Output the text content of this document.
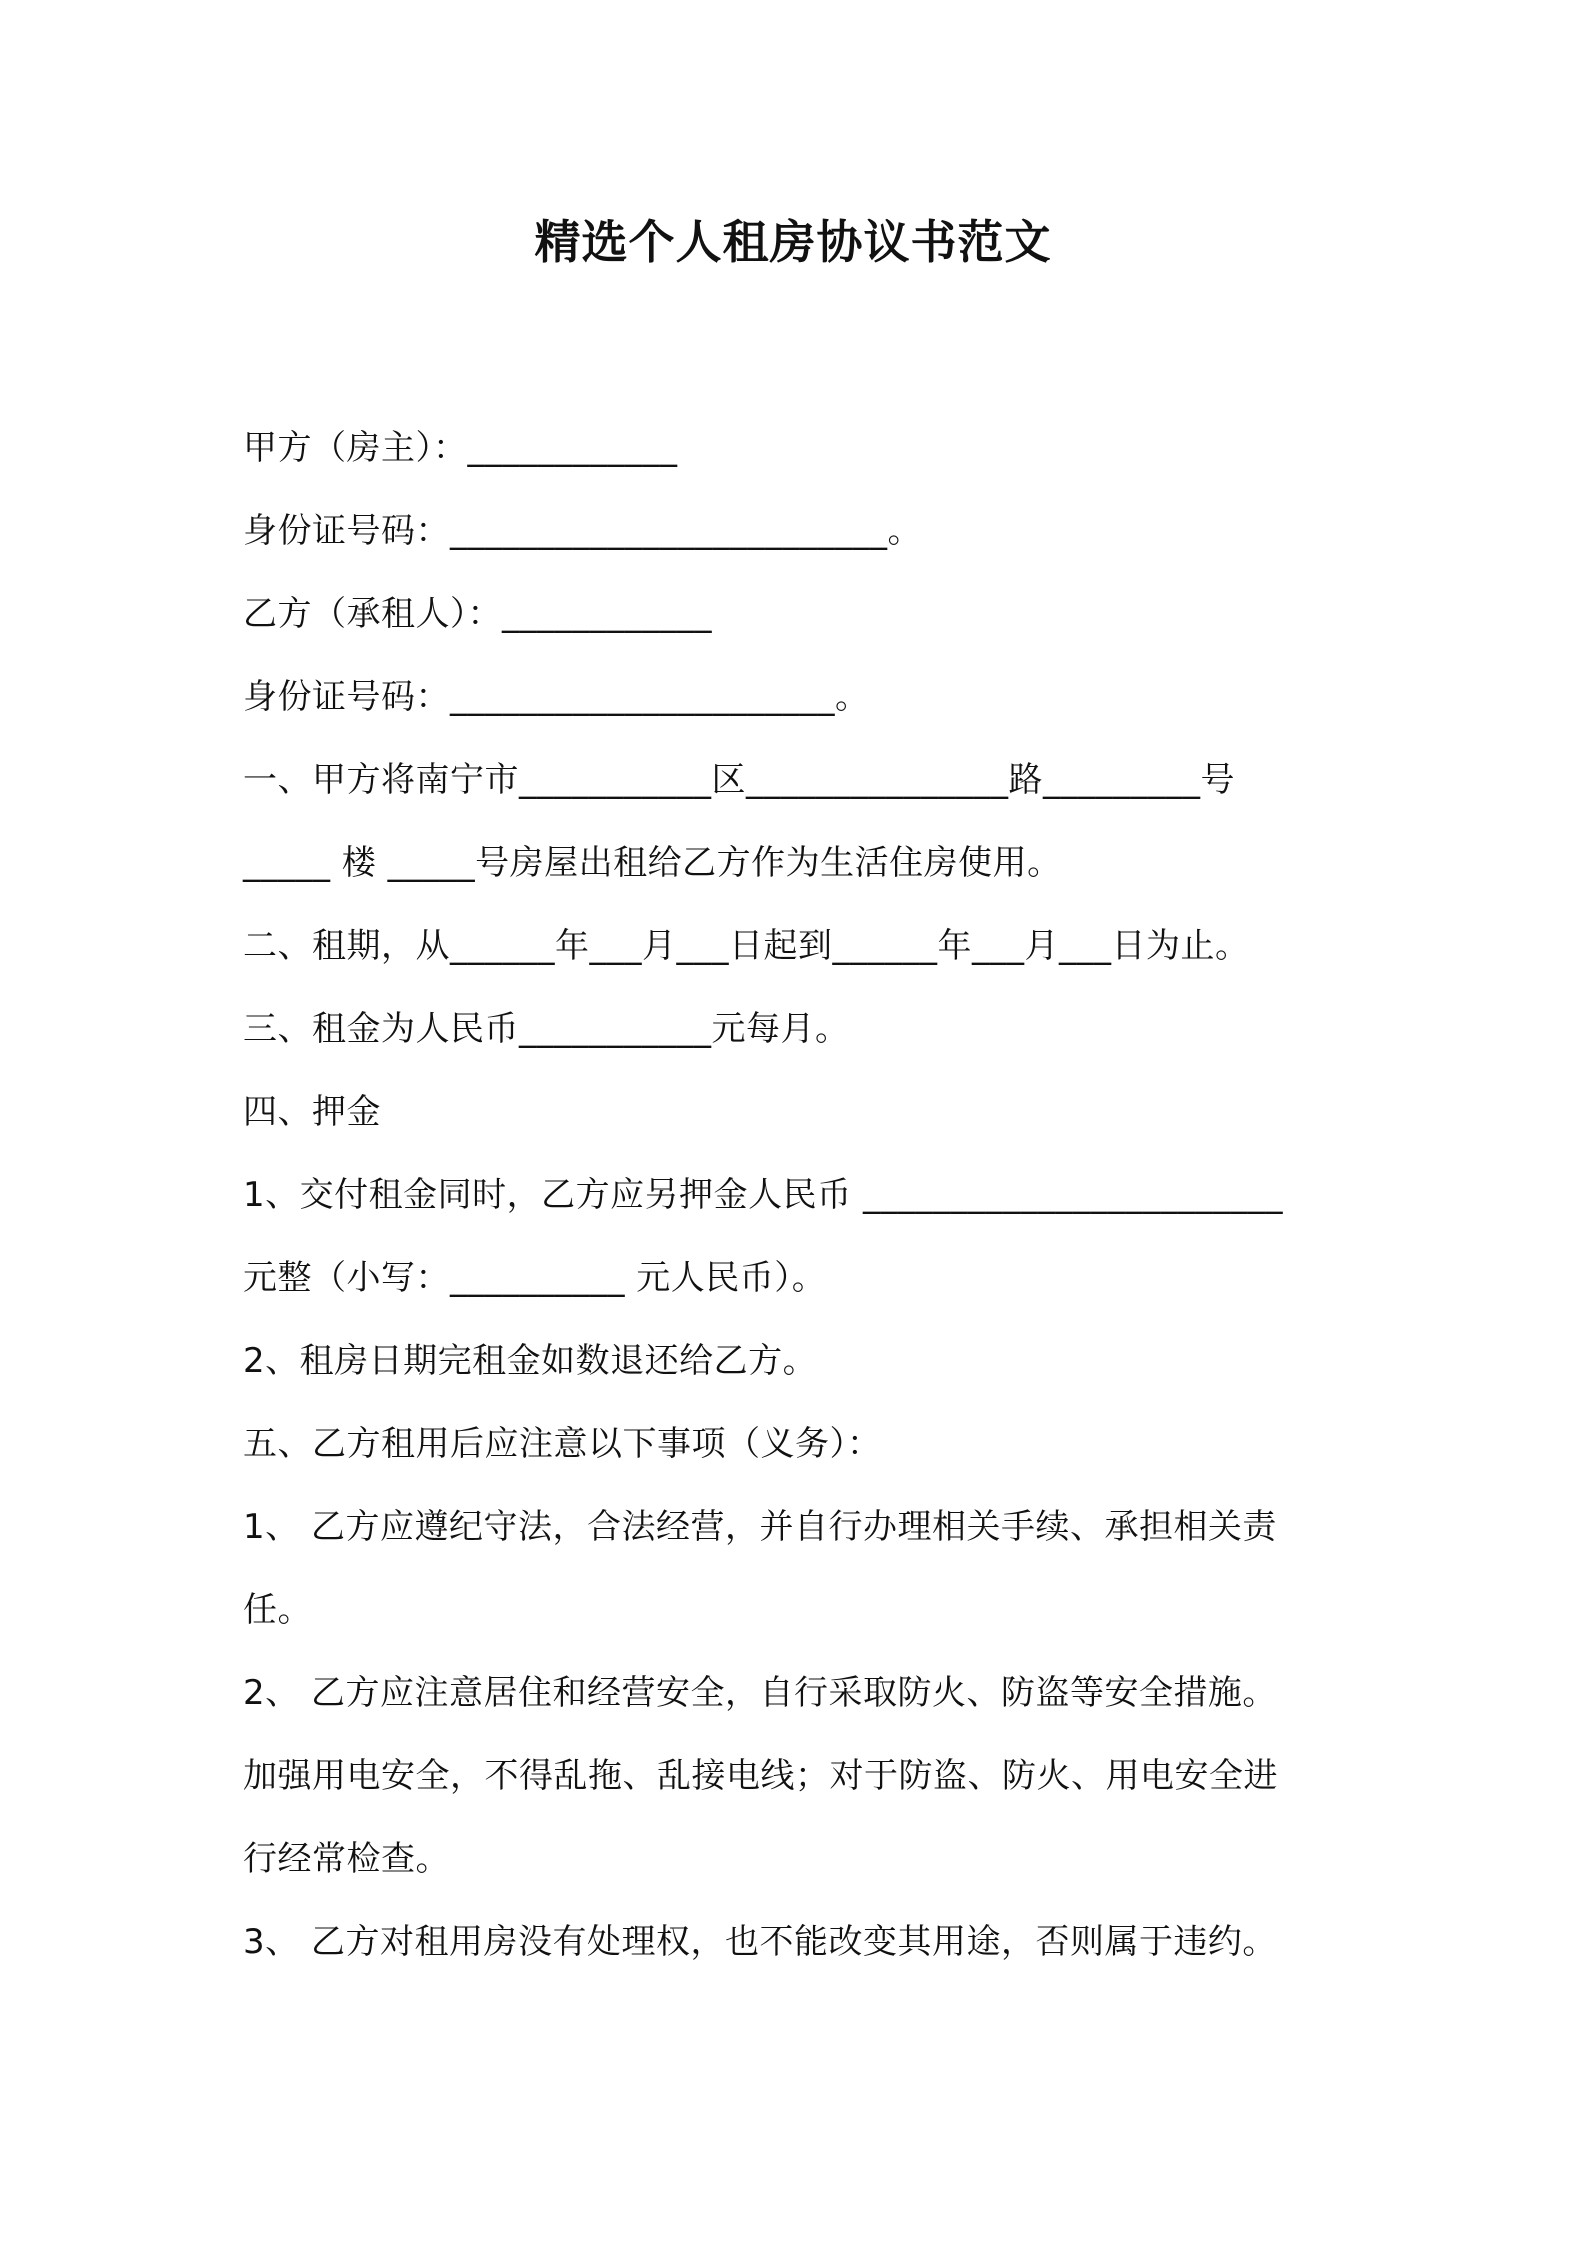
精选个人租房协议书范文
甲方（房主）：____________
身份证号码：_________________________。
乙方（承租人）：____________
身份证号码：______________________。
一、甲方将南宁市___________区_______________路_________号
_____ 楼 _____号房屋出租给乙方作为生活住房使用。
二、租期，从______年___月___日起到______年___月___日为止。
三、租金为人民币___________元每月。
四、押金
1、交付租金同时，乙方应另押金人民币 ________________________
元整（小写：__________ 元人民币）。
2、租房日期完租金如数退还给乙方。
五、乙方租用后应注意以下事项（义务）：
1、 乙方应遵纪守法，合法经营，并自行办理相关手续、承担相关责
任。
2、 乙方应注意居住和经营安全，自行采取防火、防盗等安全措施。
加强用电安全，不得乱拖、乱接电线；对于防盗、防火、用电安全进
行经常检查。
3、 乙方对租用房没有处理权，也不能改变其用途，否则属于违约。
